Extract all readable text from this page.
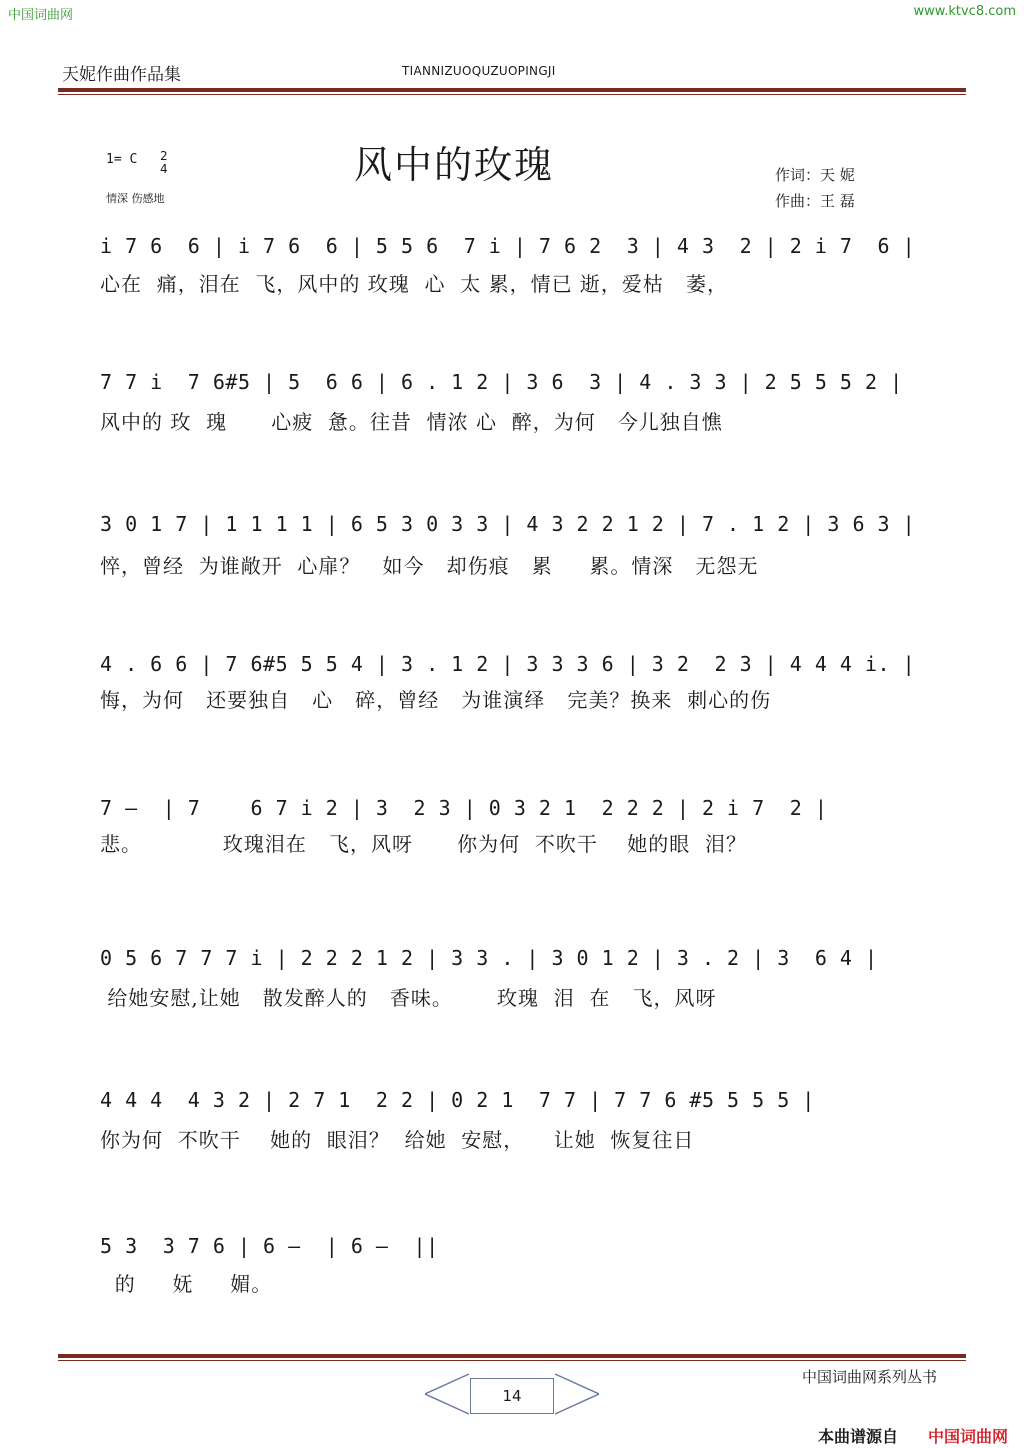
中国词曲网	www.ktvc8.com
天妮作曲作品集	TIANNIZUOQUZUOPINGJI
1= C 2
4
情深 伤感地
风中的玫瑰	作词：天 妮
作曲：王 磊
i 7 6  6 | i 7 6  6 | 5 5 6  7 i | 7 6 2  3 | 4 3  2 | 2 i 7  6 |
心在  痛，泪在  飞，风中的 玫瑰  心  太 累，情已 逝，爱枯   萎，
7 7 i  7 6#5 | 5  6 6 | 6 . 1 2 | 3 6  3 | 4 . 3 3 | 2 5 5 5 2 |
风中的 玫  瑰      心疲  惫。往昔  情浓 心  醉，为何   今儿独自憔
3 0 1 7 | 1 1 1 1 | 6 5 3 0 3 3 | 4 3 2 2 1 2 | 7 . 1 2 | 3 6 3 |
悴，曾经  为谁敞开  心扉？   如今   却伤痕   累     累。情深   无怨无
4 . 6 6 | 7 6#5 5 5 4 | 3 . 1 2 | 3 3 3 6 | 3 2  2 3 | 4 4 4 i. |
悔，为何   还要独自   心   碎，曾经   为谁演绎   完美？换来  刺心的伤
7 —  | 7    6 7 i 2 | 3  2 3 | 0 3 2 1  2 2 2 | 2 i 7  2 |
悲。           玫瑰泪在   飞，风呀      你为何  不吹干    她的眼  泪？
0 5 6 7 7 7 i | 2 2 2 1 2 | 3 3 . | 3 0 1 2 | 3 . 2 | 3  6 4 |
给她安慰,让她   散发醉人的   香味。      玫瑰  泪  在   飞，风呀
4 4 4  4 3 2 | 2 7 1  2 2 | 0 2 1  7 7 | 7 7 6 #5 5 5 5 |
你为何  不吹干    她的  眼泪？  给她  安慰，    让她  恢复往日
5 3  3 7 6 | 6 —  | 6 —  ||
的     妩     媚。
中国词曲网系列丛书
14
本曲谱源自 中国词曲网
